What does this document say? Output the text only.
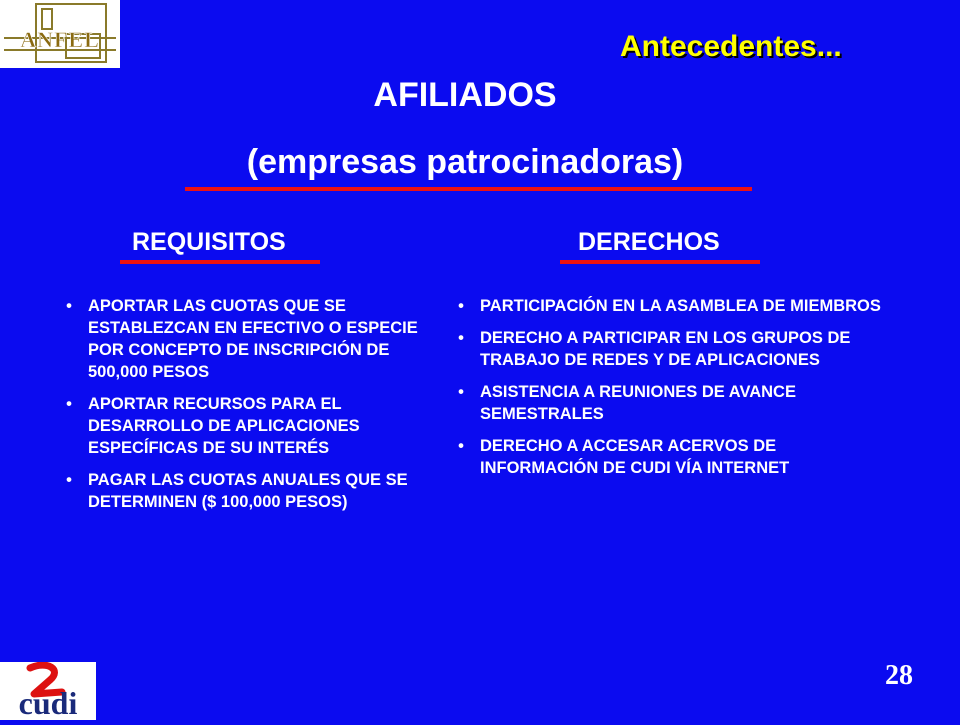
ANFEL	Antecedentes...
AFILIADOS
(empresas patrocinadoras)
REQUISITOS	DERECHOS
• APORTAR LAS CUOTAS QUE SE ESTABLEZCAN EN EFECTIVO O ESPECIE POR CONCEPTO DE INSCRIPCIÓN DE 500,000 PESOS
• APORTAR RECURSOS PARA EL DESARROLLO DE APLICACIONES ESPECÍFICAS DE SU INTERÉS
• PAGAR LAS CUOTAS ANUALES QUE SE DETERMINEN ($ 100,000 PESOS)
• PARTICIPACIÓN EN LA ASAMBLEA DE MIEMBROS
• DERECHO A PARTICIPAR EN LOS GRUPOS DE TRABAJO DE REDES Y DE APLICACIONES
• ASISTENCIA A REUNIONES DE AVANCE SEMESTRALES
• DERECHO A ACCESAR ACERVOS DE INFORMACIÓN DE CUDI VÍA INTERNET
cudi
28
